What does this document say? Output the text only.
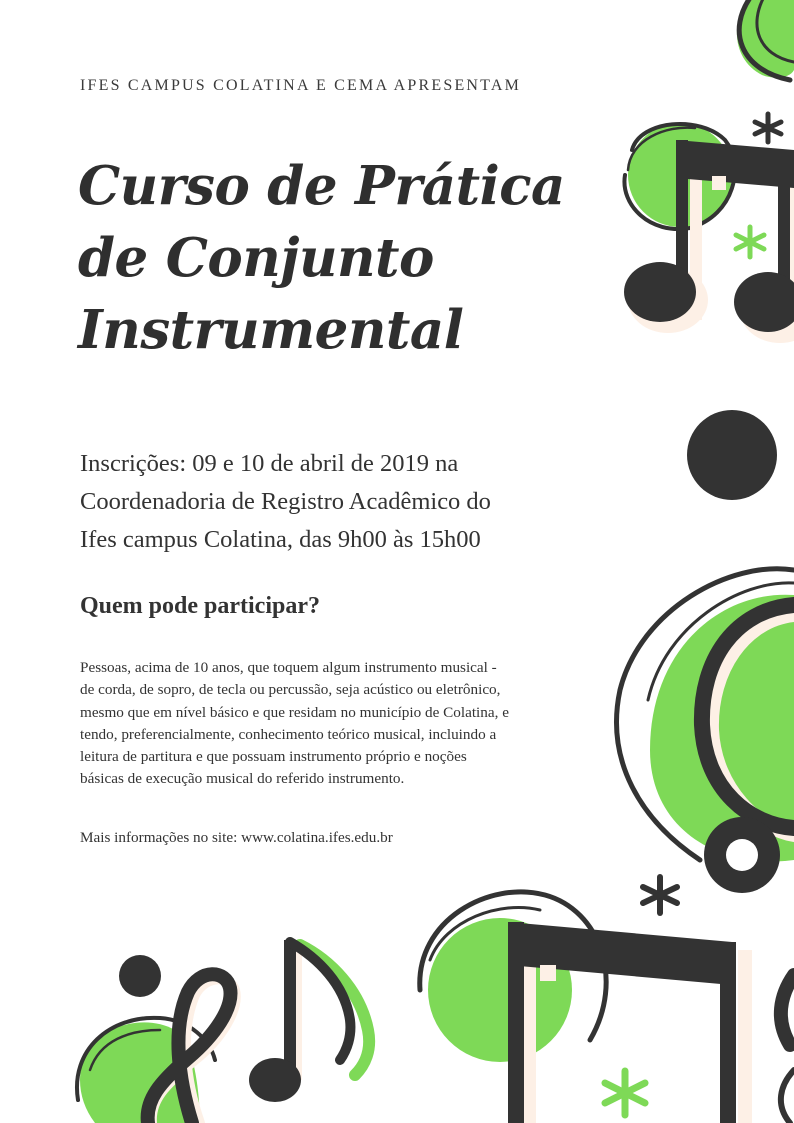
IFES CAMPUS COLATINA E CEMA APRESENTAM

Curso de Prática
de Conjunto
Instrumental
Inscrições: 09 e 10 de abril de 2019 na
Coordenadoria de Registro Acadêmico do
Ifes campus Colatina, das 9h00 às 15h00
Quem pode participar?
Pessoas, acima de 10 anos, que toquem algum instrumento musical -
de corda, de sopro, de tecla ou percussão, seja acústico ou eletrônico,
mesmo que em nível básico e que residam no município de Colatina, e
tendo, preferencialmente, conhecimento teórico musical, incluindo a
leitura de partitura e que possuam instrumento próprio e noções
básicas de execução musical do referido instrumento.

Mais informações no site: www.colatina.ifes.edu.br
